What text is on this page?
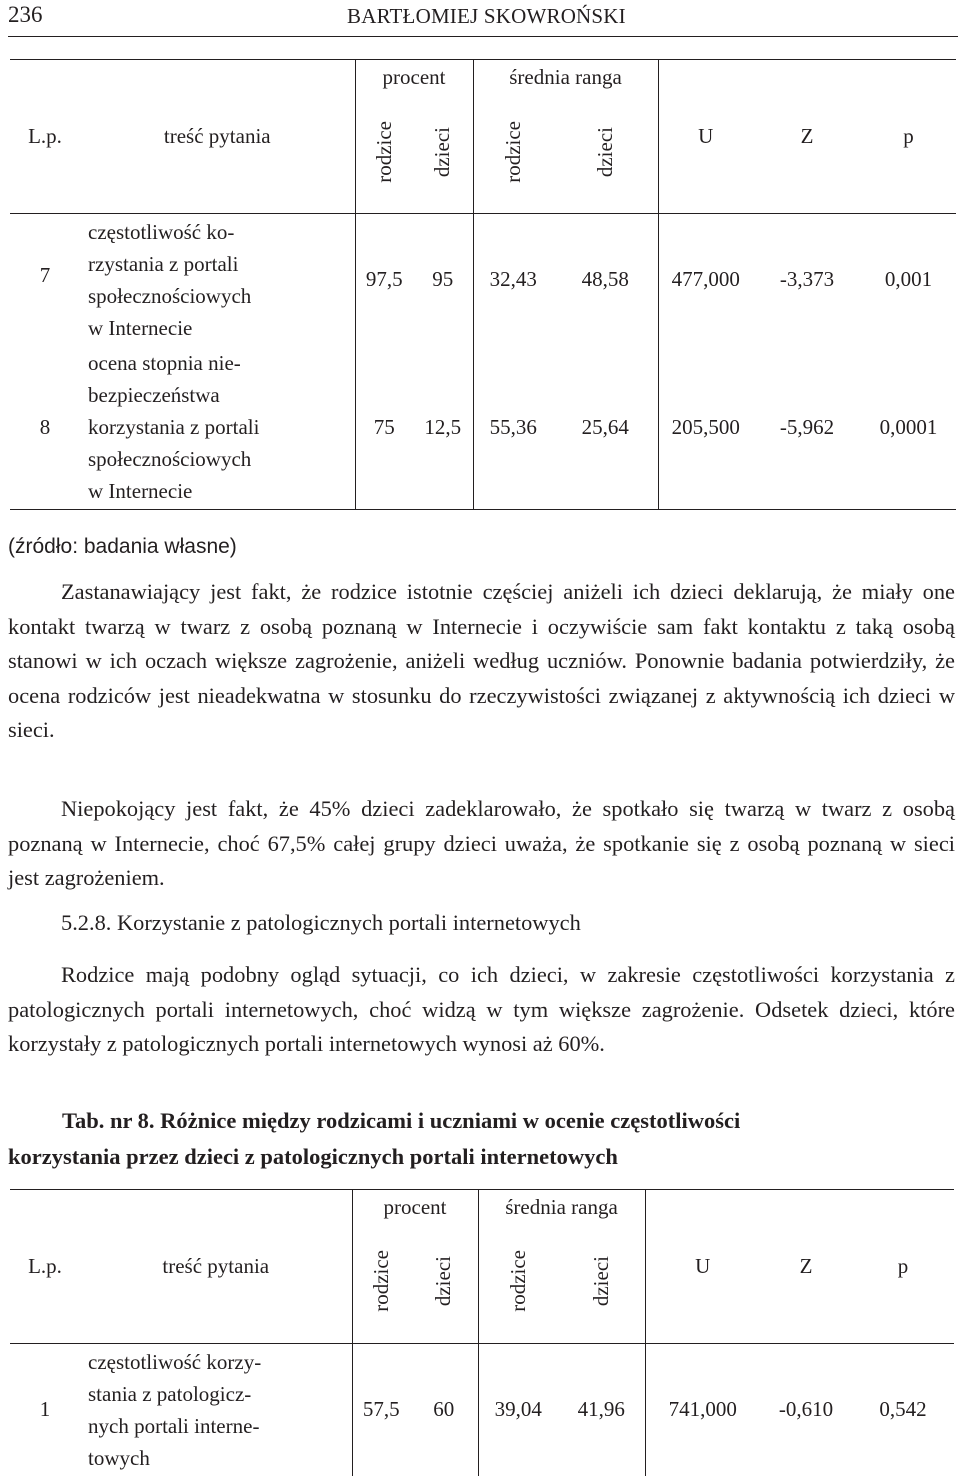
236	BARTŁOMIEJ SKOWROŃSKI
L.p.	treść pytania	procent		średnia ranga		U	Z	p
		rodzice	dzieci	rodzice	dzieci			
7	częstotliwość ko-
rzystania z portali
społecznościowych
w Internecie	97,5	95	32,43	48,58	477,000	-3,373	0,001
8	ocena stopnia nie-
bezpieczeństwa
korzystania z portali
społecznościowych
w Internecie	75	12,5	55,36	25,64	205,500	-5,962	0,0001
(źródło: badania własne)

Zastanawiający jest fakt, że rodzice istotnie częściej aniżeli ich dzieci deklarują, że miały one kontakt twarzą w twarz z osobą poznaną w Internecie i oczywiście sam fakt kontaktu z taką osobą stanowi w ich oczach większe zagrożenie, aniżeli według uczniów. Ponownie badania potwierdziły, że ocena rodziców jest nieadekwatna w stosunku do rzeczywistości związanej z aktywnością ich dzieci w sieci.

Niepokojący jest fakt, że 45% dzieci zadeklarowało, że spotkało się twarzą w twarz z osobą poznaną w Internecie, choć 67,5% całej grupy dzieci uważa, że spotkanie się z osobą poznaną w sieci jest zagrożeniem.

5.2.8. Korzystanie z patologicznych portali internetowych

Rodzice mają podobny ogląd sytuacji, co ich dzieci, w zakresie częstotliwości korzystania z patologicznych portali internetowych, choć widzą w tym większe zagrożenie. Odsetek dzieci, które korzystały z patologicznych portali internetowych wynosi aż 60%.

Tab. nr 8. Różnice między rodzicami i uczniami w ocenie częstotliwości
korzystania przez dzieci z patologicznych portali internetowych
L.p.	treść pytania	procent		średnia ranga		U	Z	p
		rodzice	dzieci	rodzice	dzieci			
1	częstotliwość korzy-
stania z patologicz-
nych portali interne-
towych	57,5	60	39,04	41,96	741,000	-0,610	0,542
